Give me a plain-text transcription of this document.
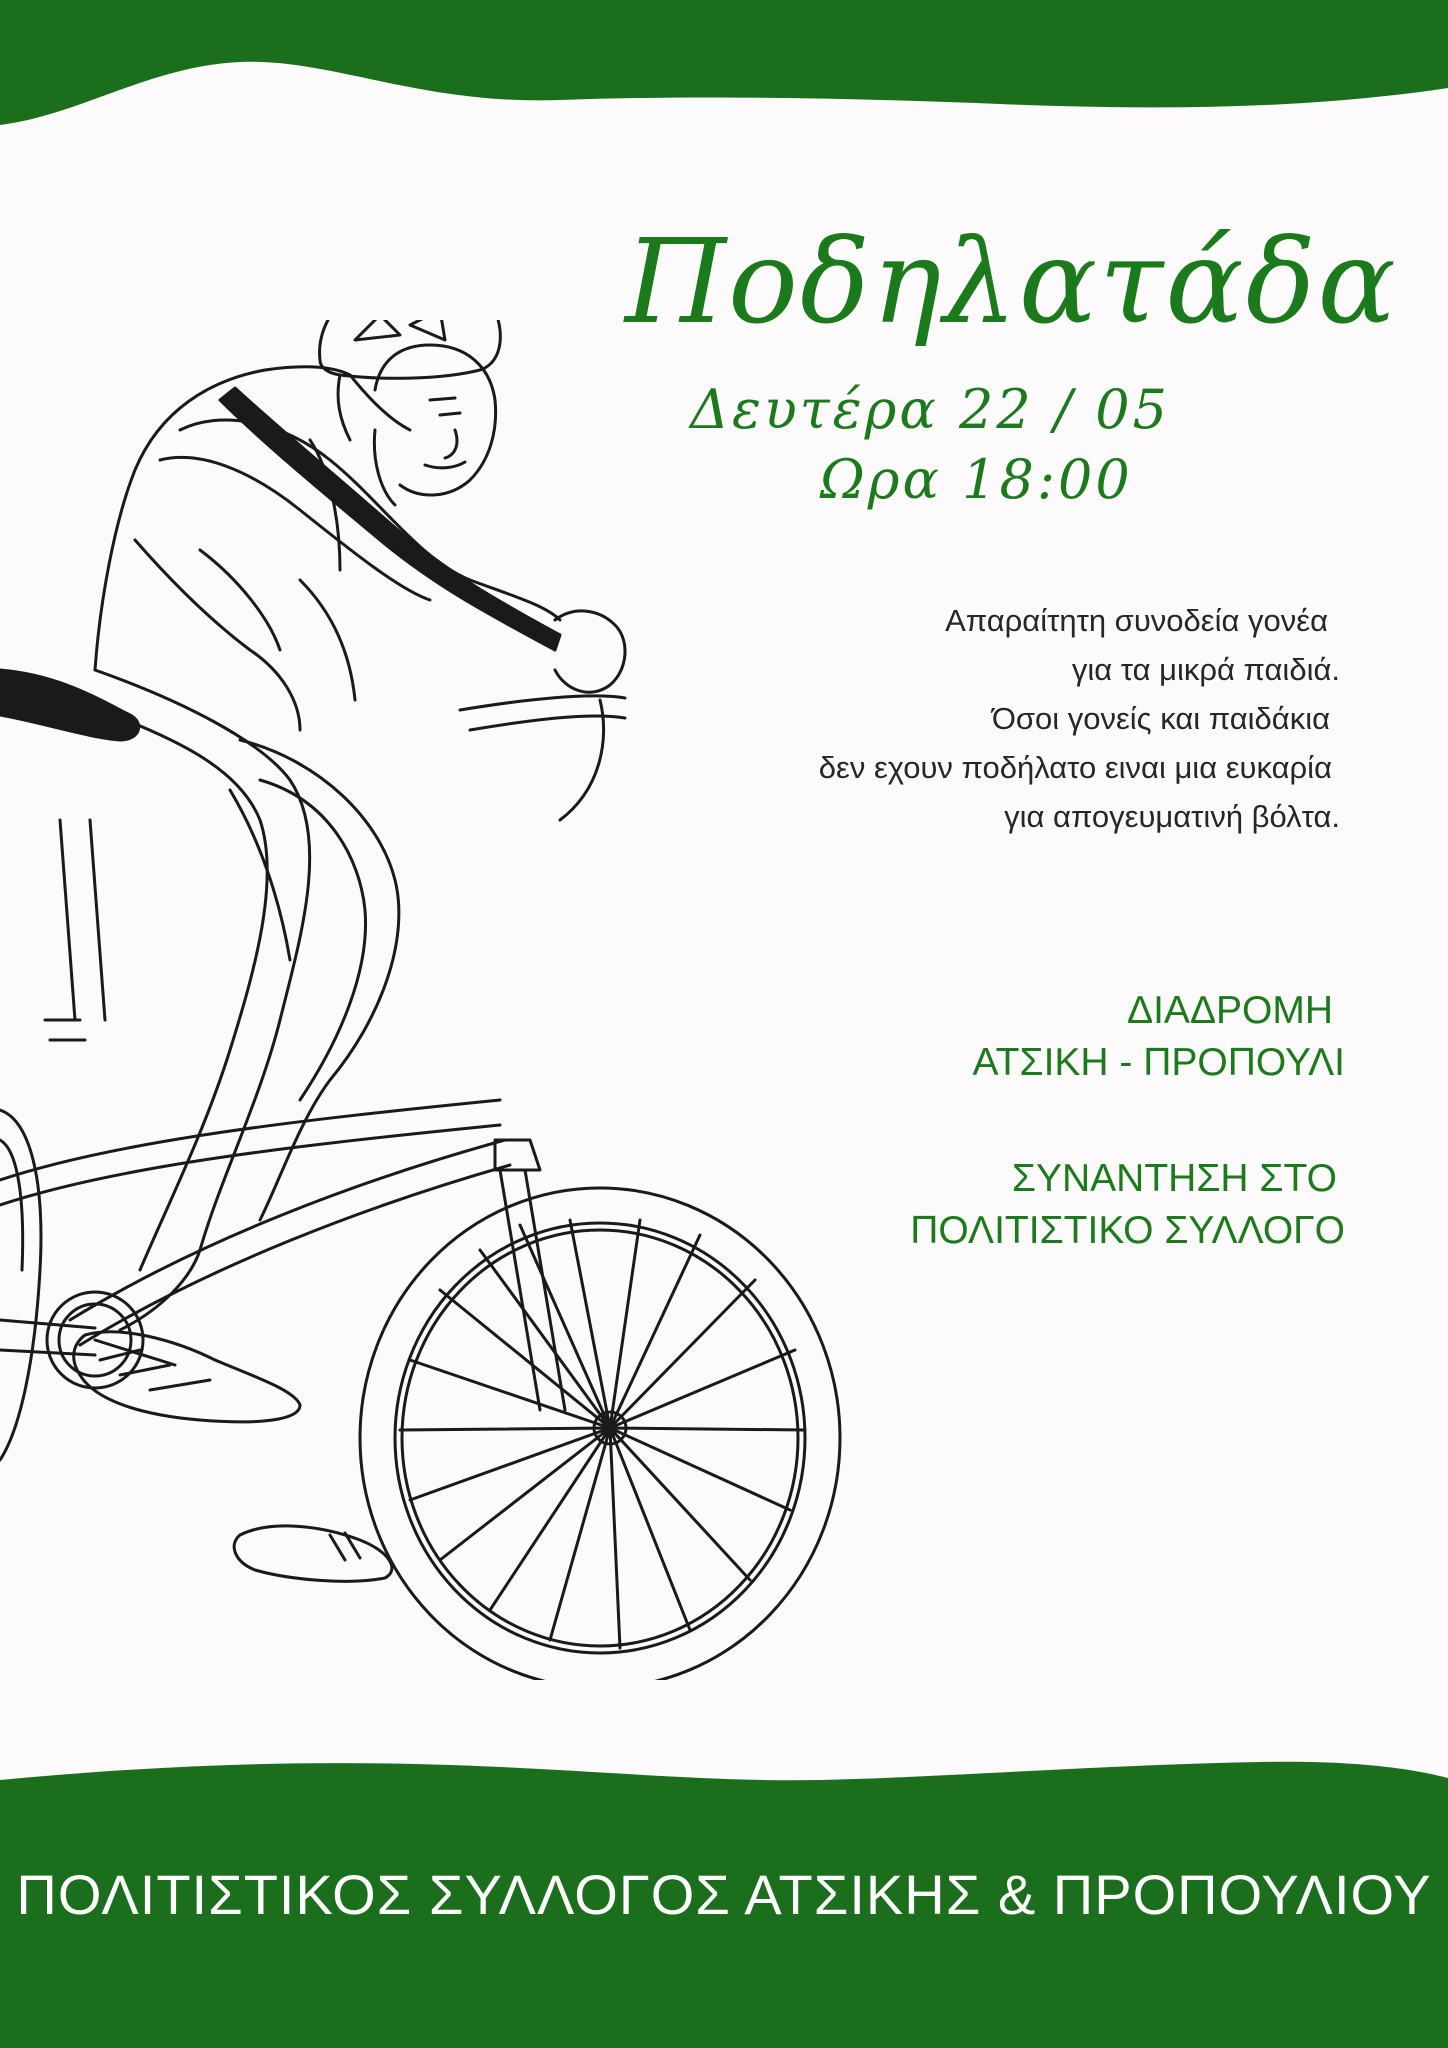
Ποδηλατάδα
Δευτέρα 22 / 05
Ωρα 18:00
Απαραίτητη συνοδεία γονέα
για τα μικρά παιδιά.
Όσοι γονείς και παιδάκια
δεν εχουν ποδήλατο ειναι μια ευκαρία
για απογευματινή βόλτα.
ΔΙΑΔΡΟΜΗ
ΑΤΣΙΚΗ - ΠΡΟΠΟΥΛΙ
ΣΥΝΑΝΤΗΣΗ ΣΤΟ
ΠΟΛΙΤΙΣΤΙΚΟ ΣΥΛΛΟΓΟ
ΠΟΛΙΤΙΣΤΙΚΟΣ ΣΥΛΛΟΓΟΣ ΑΤΣΙΚΗΣ & ΠΡΟΠΟΥΛΙΟΥ
